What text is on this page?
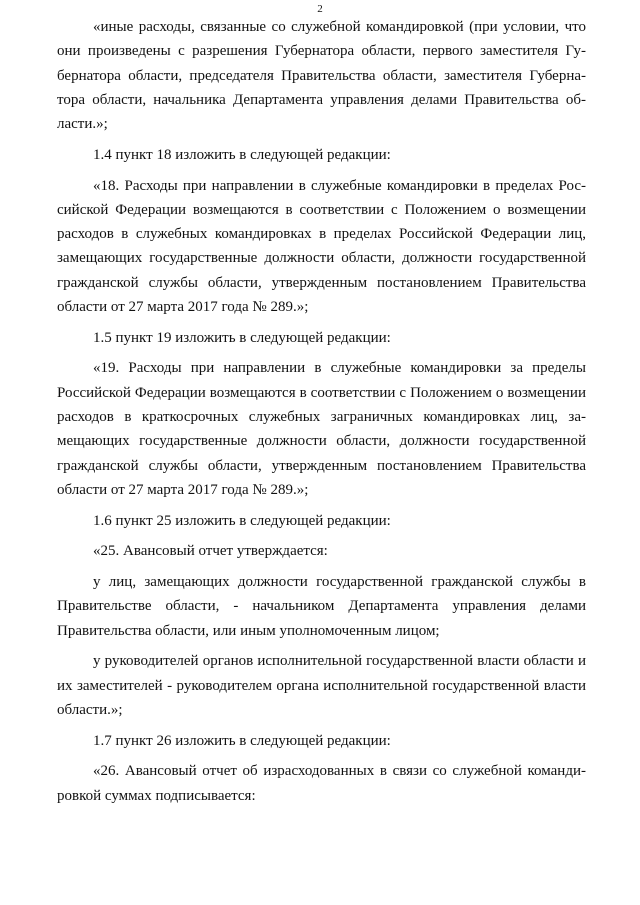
2

«иные расходы, связанные со служебной командировкой (при условии, что они произведены с разрешения Губернатора области, первого заместителя Губернатора области, председателя Правительства области, заместителя Губернатора области, начальника Департамента управления делами Правительства области.»;

1.4 пункт 18 изложить в следующей редакции:

«18. Расходы при направлении в служебные командировки в пределах Российской Федерации возмещаются в соответствии с Положением о возмещении расходов в служебных командировках в пределах Российской Федерации лиц, замещающих государственные должности области, должности государственной гражданской службы области, утвержденным постановлением Правительства области от 27 марта 2017 года № 289.»;

1.5 пункт 19 изложить в следующей редакции:

«19. Расходы при направлении в служебные командировки за пределы Российской Федерации возмещаются в соответствии с Положением о возмещении расходов в краткосрочных служебных заграничных командировках лиц, замещающих государственные должности области, должности государственной гражданской службы области, утвержденным постановлением Правительства области от 27 марта 2017 года № 289.»;

1.6 пункт 25 изложить в следующей редакции:

«25. Авансовый отчет утверждается:

у лиц, замещающих должности государственной гражданской службы в Правительстве области, - начальником Департамента управления делами Правительства области, или иным уполномоченным лицом;

у руководителей органов исполнительной государственной власти области и их заместителей - руководителем органа исполнительной государственной власти области.»;

1.7 пункт 26 изложить в следующей редакции:

«26. Авансовый отчет об израсходованных в связи со служебной командировкой суммах подписывается:
